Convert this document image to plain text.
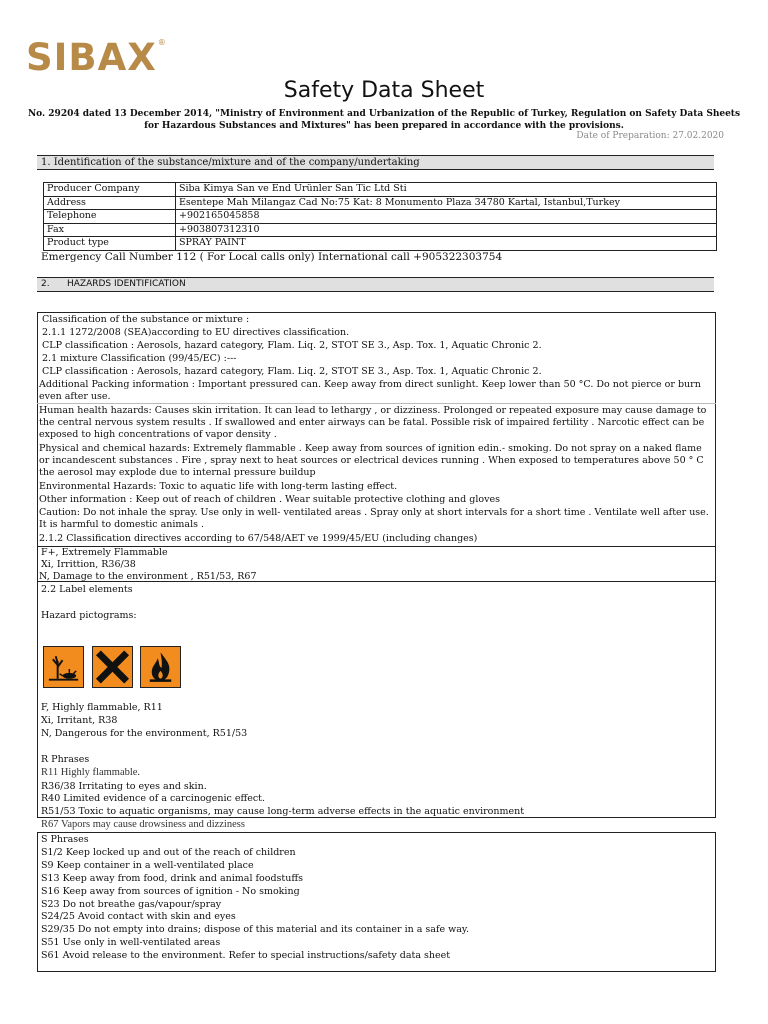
SIBAX ®
Safety Data Sheet
No. 29204 dated 13 December 2014, "Ministry of Environment and Urbanization of the Republic of Turkey, Regulation on Safety Data Sheets
for Hazardous Substances and Mixtures" has been prepared in accordance with the provisions.
Date of Preparation: 27.02.2020
1. Identification of the substance/mixture and of the company/undertaking
Producer Company	Siba Kimya San ve End Urünler San Tic Ltd Sti
Address	Esentepe Mah Milangaz Cad No:75 Kat: 8 Monumento Plaza 34780 Kartal, Istanbul,Turkey
Telephone	+902165045858
Fax	+903807312310
Product type	SPRAY PAINT
Emergency Call Number 112 ( For Local calls only) International call +905322303754
2. HAZARDS IDENTIFICATION
Classification of the substance or mixture :
2.1.1 1272/2008 (SEA)according to EU directives classification.
CLP classification : Aerosols, hazard category, Flam. Liq. 2, STOT SE 3., Asp. Tox. 1, Aquatic Chronic 2.
2.1 mixture Classification (99/45/EC) :---
CLP classification : Aerosols, hazard category, Flam. Liq. 2, STOT SE 3., Asp. Tox. 1, Aquatic Chronic 2.
Additional Packing information : Important pressured can. Keep away from direct sunlight. Keep lower than 50 °C. Do not pierce or burn even after use.
Human health hazards: Causes skin irritation. It can lead to lethargy , or dizziness. Prolonged or repeated exposure may cause damage to the central nervous system results . If swallowed and enter airways can be fatal. Possible risk of impaired fertility . Narcotic effect can be exposed to high concentrations of vapor density .
Physical and chemical hazards: Extremely flammable . Keep away from sources of ignition edin.- smoking. Do not spray on a naked flame or incandescent substances . Fire , spray next to heat sources or electrical devices running . When exposed to temperatures above 50 ° C the aerosol may explode due to internal pressure buildup
Environmental Hazards: Toxic to aquatic life with long-term lasting effect.
Other information : Keep out of reach of children . Wear suitable protective clothing and gloves
Caution: Do not inhale the spray. Use only in well- ventilated areas . Spray only at short intervals for a short time . Ventilate well after use. It is harmful to domestic animals .
2.1.2 Classification directives according to 67/548/AET ve 1999/45/EU (including changes)
F+, Extremely Flammable
Xi, Irrittion, R36/38
N, Damage to the environment , R51/53, R67
2.2 Label elements
Hazard pictograms:
F, Highly flammable, R11
Xi, Irritant, R38
N, Dangerous for the environment, R51/53
R Phrases
R11 Highly flammable.
R36/38 Irritating to eyes and skin.
R40 Limited evidence of a carcinogenic effect.
R51/53 Toxic to aquatic organisms, may cause long-term adverse effects in the aquatic environment
R67 Vapors may cause drowsiness and dizziness
S Phrases
S1/2 Keep locked up and out of the reach of children
S9 Keep container in a well-ventilated place
S13 Keep away from food, drink and animal foodstuffs
S16 Keep away from sources of ignition - No smoking
S23 Do not breathe gas/vapour/spray
S24/25 Avoid contact with skin and eyes
S29/35 Do not empty into drains; dispose of this material and its container in a safe way.
S51 Use only in well-ventilated areas
S61 Avoid release to the environment. Refer to special instructions/safety data sheet
